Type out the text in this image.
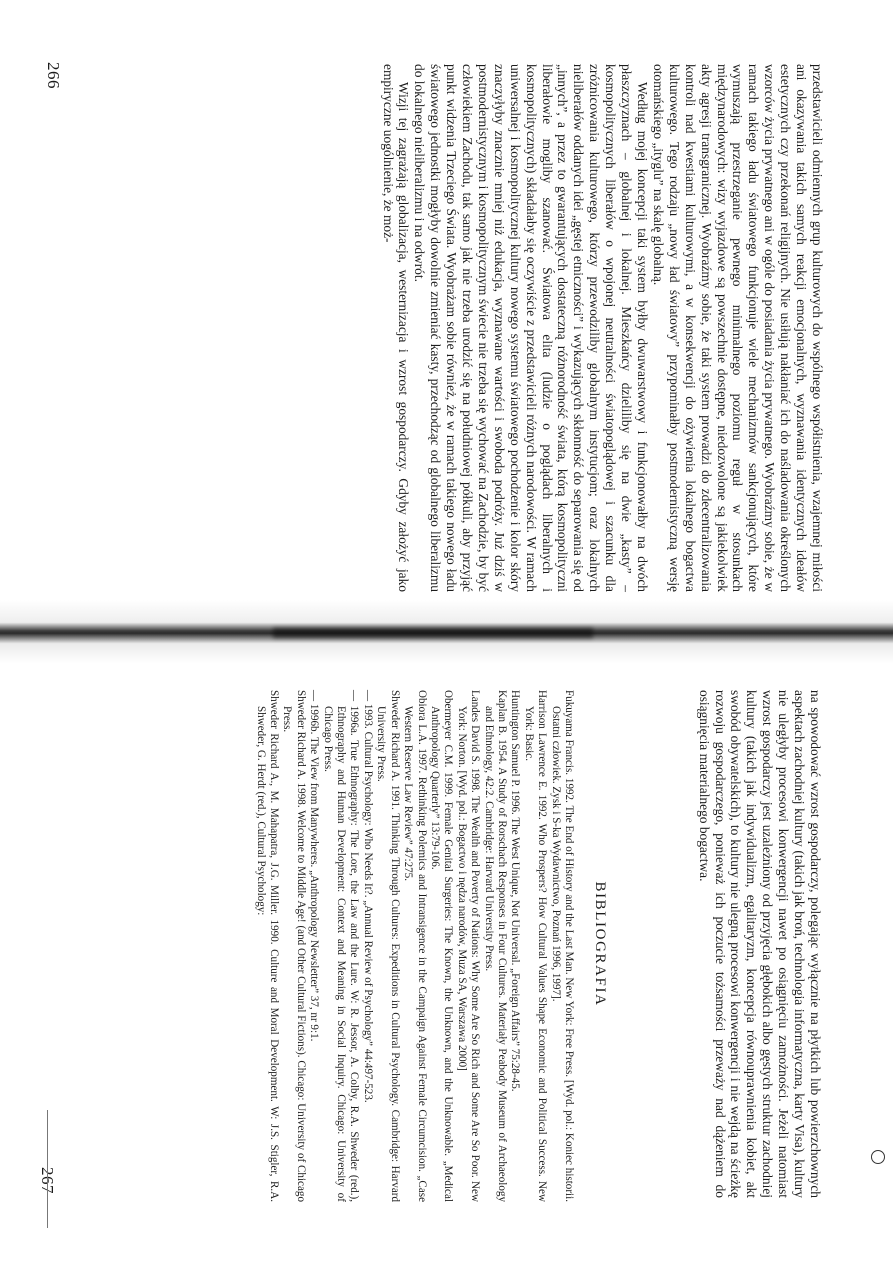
przedstawicieli odmiennych grup kulturowych do wspólnego współistnienia, wzajemnej miłości ani okazywania takich samych reakcji emocjonalnych, wyznawania identycznych ideałów estetycznych czy przekonań religijnych. Nie usiłują nakłaniać ich do naśladowania określonych wzorców życia prywatnego ani w ogóle do posiadania życia prywatnego. Wyobraźmy sobie, że w ramach takiego ładu światowego funkcjonuje wiele mechanizmów sankcjonujących, które wymuszają przestrzeganie pewnego minimalnego poziomu reguł w stosunkach międzynarodowych: wizy wyjazdowe są powszechnie dostępne, niedozwolone są jakiekolwiek akty agresji transgranicznej. Wyobraźmy sobie, że taki system prowadzi do zdecentralizowania kontroli nad kwestiami kulturowymi, a w konsekwencji do ożywienia lokalnego bogactwa kulturowego. Tego rodzaju „nowy ład światowy” przypominałby postmodernistyczną wersję otomańskiego „ityglu” na skalę globalną.

Według mojej koncepcji taki system byłby dwuwarstwowy i funkcjonowałby na dwóch płaszczyznach – globalnej i lokalnej. Mieszkańcy dzieliliby się na dwie „kasty” – kosmopolitycznych liberałów o wpojonej neutralności światopoglądowej i szacunku dla zróżnicowania kulturowego, którzy przewodziliby globalnym instytucjom; oraz lokalnych nieliberałów oddanych idei „gęstej etniczności” i wykazujących skłonność do separowania się od „innych”, a przez to gwarantujących dostateczną różnorodność świata, którą kosmopolityczni liberałowie mogliby szanować. Światowa elita (ludzie o poglądach liberalnych i kosmopolitycznych) składałaby się oczywiście z przedstawicieli różnych narodowości. W ramach uniwersalnej i kosmopolitycznej kultury nowego systemu światowego pochodzenie i kolor skóry znaczyłyby znacznie mniej niż edukacja, wyznawane wartości i swoboda podróży. Już dziś w postmodernistycznym i kosmopolitycznym świecie nie trzeba się wychować na Zachodzie, by być człowiekiem Zachodu, tak samo jak nie trzeba urodzić się na południowej półkuli, aby przyjąć punkt widzenia Trzeciego Świata. Wyobrażam sobie również, że w ramach takiego nowego ładu światowego jednostki mogłyby dowolnie zmieniać kasty, przechodząc od globalnego liberalizmu do lokalnego nieliberalizmu i na odwrót.

Wizji tej zagrażają globalizacja, westernizacja i wzrost gospodarczy. Gdyby założyć jako empiryczne uogólnienie, że moż-

266

na spowodować wzrost gospodarczy, polegając wyłącznie na płytkich lub powierzchownych aspektach zachodniej kultury (takich jak broń, technologia informatyczna, karty Visa), kultury nie uległyby procesowi konwergencji nawet po osiągnięciu zamożności. Jeżeli natomiast wzrost gospodarczy jest uzależniony od przyjęcia głębokich albo gęstych struktur zachodniej kultury (takich jak indywidualizm, egalitaryzm, koncepcja równouprawnienia kobiet, akt swobód obywatelskich), to kultury nie ulegną procesowi konwergencji i nie wejdą na ścieżkę rozwoju gospodarczego, ponieważ ich poczucie tożsamości przeważy nad dążeniem do osiągnięcia materialnego bogactwa.

BIBLIOGRAFIA
Fukuyama Francis. 1992. The End of History and the Last Man. New York: Free Press. [Wyd. pol.: Koniec historii. Ostatni człowiek. Zysk i S-ka Wydawnictwo, Poznań 1996, 1997].
Harrison Lawrence E. 1992. Who Prospers? How Cultural Values Shape Economic and Political Success. New York: Basic.
Huntington Samuel P. 1996. The West Unique, Not Universal. „Foreign Affairs” 75:28-45.
Kaplan B. 1954. A Study of Rorschach Responses in Four Cultures. Materiały Peabody Museum of Archaeology and Ethnology, 42:2. Cambridge: Harvard University Press.
Landes David S. 1998. The Wealth and Poverty of Nations: Why Some Are So Rich and Some Are So Poor. New York: Norton. [Wyd. pol.: Bogactwo i nędza narodów, Muza SA, Warszawa 2000]
Obermeyer C.M. 1999. Female Genital Surgeries: The Known, the Unknown, and the Unknowable. „Medical Anthropology Quarterly” 13:79-106.
Obiora L.A. 1997. Rethinking Polemics and Intransigence in the Campaign Against Female Circumcision. „Case Western Reserve Law Review” 47:275.
Shweder Richard A. 1991. Thinking Through Cultures: Expeditions in Cultural Psychology. Cambridge: Harvard University Press.
— 1993. Cultural Psychology: Who Needs It?. „Annual Review of Psychology” 44:497-523.
— 1996a. True Ethnography: The Lore, the Law and the Lure. W: R. Jessor, A. Colby, R.A. Shweder (red.), Ethnography and Human Development: Context and Meaning in Social Inquiry. Chicago: University of Chicago Press.
— 1996b. The View from Manywheres. „Anthropology Newsletter” 37, nr 9:1.
Shweder Richard A. 1998. Welcome to Middle Age! (and Other Cultural Fictions). Chicago: University of Chicago Press.
Shweder Richard A., M. Mahapatra, J.G. Miller. 1990. Culture and Moral Development. W: J.S. Stigler, R.A. Shweder, G. Herdt (red.), Cultural Psychology:
267
